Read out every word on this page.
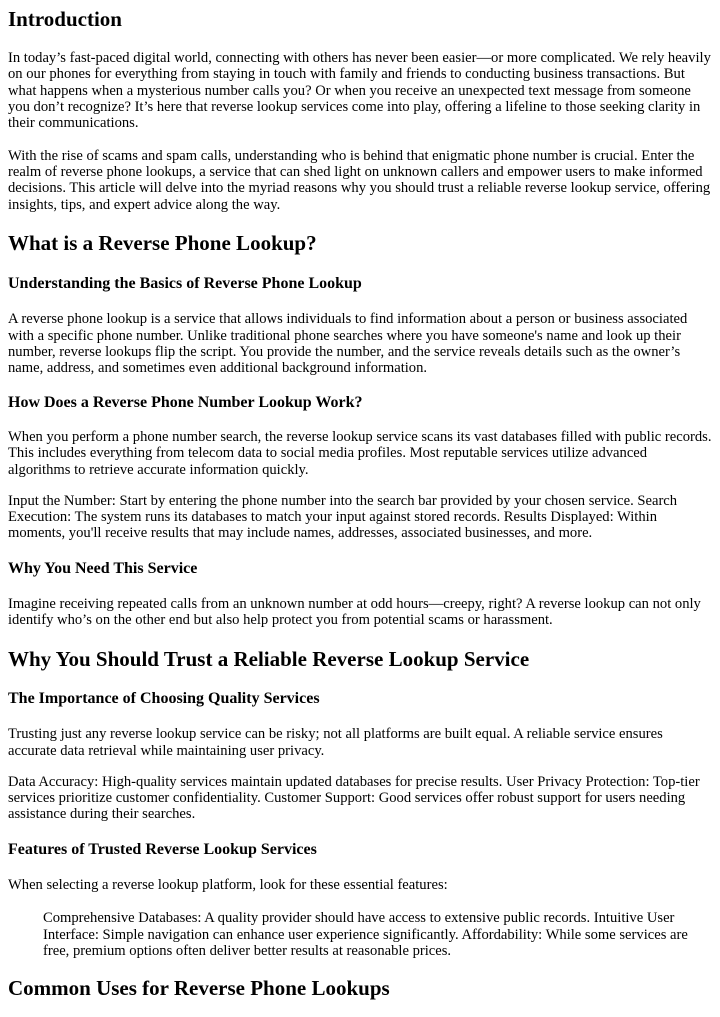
Introduction

In today’s fast-paced digital world, connecting with others has never been easier—or more complicated. We rely heavily on our phones for everything from staying in touch with family and friends to conducting business transactions. But what happens when a mysterious number calls you? Or when you receive an unexpected text message from someone you don’t recognize? It’s here that reverse lookup services come into play, offering a lifeline to those seeking clarity in their communications.

With the rise of scams and spam calls, understanding who is behind that enigmatic phone number is crucial. Enter the realm of reverse phone lookups, a service that can shed light on unknown callers and empower users to make informed decisions. This article will delve into the myriad reasons why you should trust a reliable reverse lookup service, offering insights, tips, and expert advice along the way.

What is a Reverse Phone Lookup?
Understanding the Basics of Reverse Phone Lookup

A reverse phone lookup is a service that allows individuals to find information about a person or business associated with a specific phone number. Unlike traditional phone searches where you have someone's name and look up their number, reverse lookups flip the script. You provide the number, and the service reveals details such as the owner’s name, address, and sometimes even additional background information.

How Does a Reverse Phone Number Lookup Work?

When you perform a phone number search, the reverse lookup service scans its vast databases filled with public records. This includes everything from telecom data to social media profiles. Most reputable services utilize advanced algorithms to retrieve accurate information quickly.

Input the Number: Start by entering the phone number into the search bar provided by your chosen service. Search Execution: The system runs its databases to match your input against stored records. Results Displayed: Within moments, you'll receive results that may include names, addresses, associated businesses, and more.

Why You Need This Service

Imagine receiving repeated calls from an unknown number at odd hours—creepy, right? A reverse lookup can not only identify who’s on the other end but also help protect you from potential scams or harassment.

Why You Should Trust a Reliable Reverse Lookup Service
The Importance of Choosing Quality Services

Trusting just any reverse lookup service can be risky; not all platforms are built equal. A reliable service ensures accurate data retrieval while maintaining user privacy.

Data Accuracy: High-quality services maintain updated databases for precise results. User Privacy Protection: Top-tier services prioritize customer confidentiality. Customer Support: Good services offer robust support for users needing assistance during their searches.

Features of Trusted Reverse Lookup Services

When selecting a reverse lookup platform, look for these essential features:

Comprehensive Databases: A quality provider should have access to extensive public records. Intuitive User Interface: Simple navigation can enhance user experience significantly. Affordability: While some services are free, premium options often deliver better results at reasonable prices.
Common Uses for Reverse Phone Lookups
